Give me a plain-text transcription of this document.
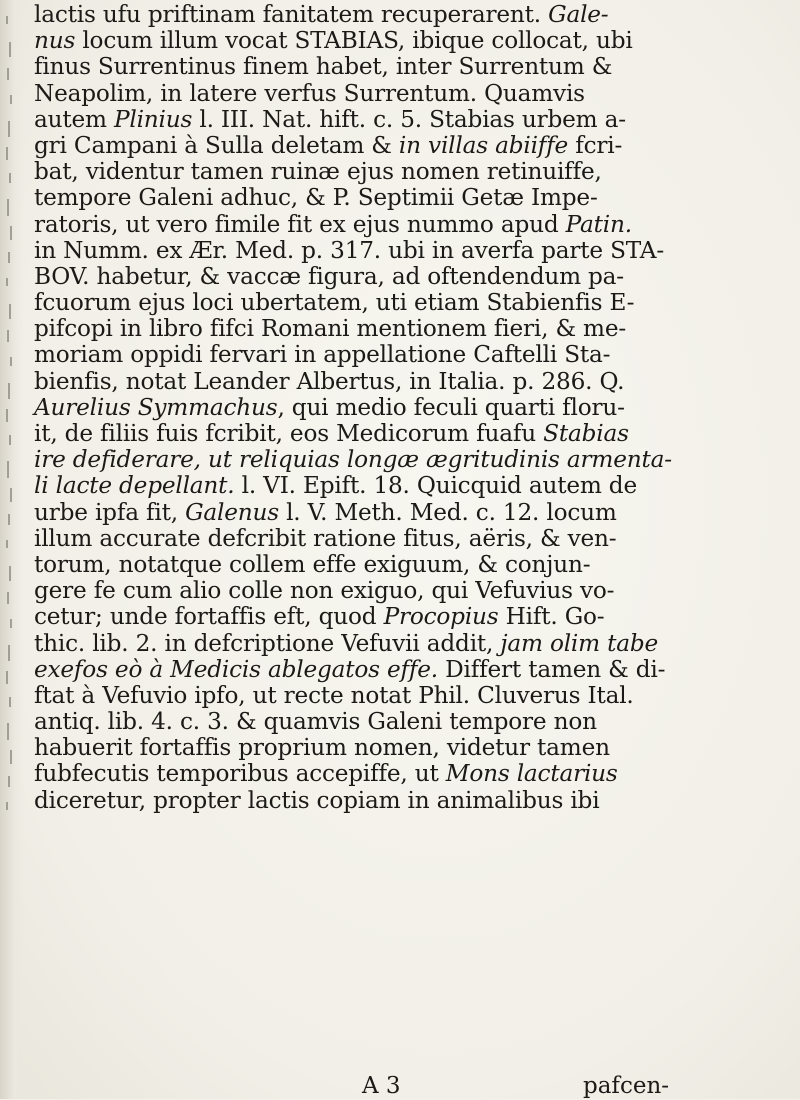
lactis ufu priftinam fanitatem recuperarent. Gale-
nus locum illum vocat STABIAS, ibique collocat, ubi
finus Surrentinus finem habet, inter Surrentum &
Neapolim, in latere verfus Surrentum. Quamvis
autem Plinius l. III. Nat. hift. c. 5. Stabias urbem a-
gri Campani à Sulla deletam & in villas abiiffe fcri-
bat, videntur tamen ruinæ ejus nomen retinuiffe,
tempore Galeni adhuc, & P. Septimii Getæ Impe-
ratoris, ut vero fimile fit ex ejus nummo apud Patin.
in Numm. ex Ær. Med. p. 317. ubi in averfa parte STA-
BOV. habetur, & vaccæ figura, ad oftendendum pa-
fcuorum ejus loci ubertatem, uti etiam Stabienfis E-
pifcopi in libro fifci Romani mentionem fieri, & me-
moriam oppidi fervari in appellatione Caftelli Sta-
bienfis, notat Leander Albertus, in Italia. p. 286. Q.
Aurelius Symmachus, qui medio feculi quarti floru-
it, de filiis fuis fcribit, eos Medicorum fuafu Stabias
ire defiderare, ut reliquias longæ ægritudinis armenta-
li lacte depellant. l. VI. Epift. 18. Quicquid autem de
urbe ipfa fit, Galenus l. V. Meth. Med. c. 12. locum
illum accurate defcribit ratione fitus, aëris, & ven-
torum, notatque collem effe exiguum, & conjun-
gere fe cum alio colle non exiguo, qui Vefuvius vo-
cetur; unde fortaffis eft, quod Procopius Hift. Go-
thic. lib. 2. in defcriptione Vefuvii addit, jam olim tabe
exefos eò à Medicis ablegatos effe. Differt tamen & di-
ftat à Vefuvio ipfo, ut recte notat Phil. Cluverus Ital.
antiq. lib. 4. c. 3. & quamvis Galeni tempore non
habuerit fortaffis proprium nomen, videtur tamen
fubfecutis temporibus accepiffe, ut Mons lactarius
diceretur, propter lactis copiam in animalibus ibi
A 3	pafcen-
